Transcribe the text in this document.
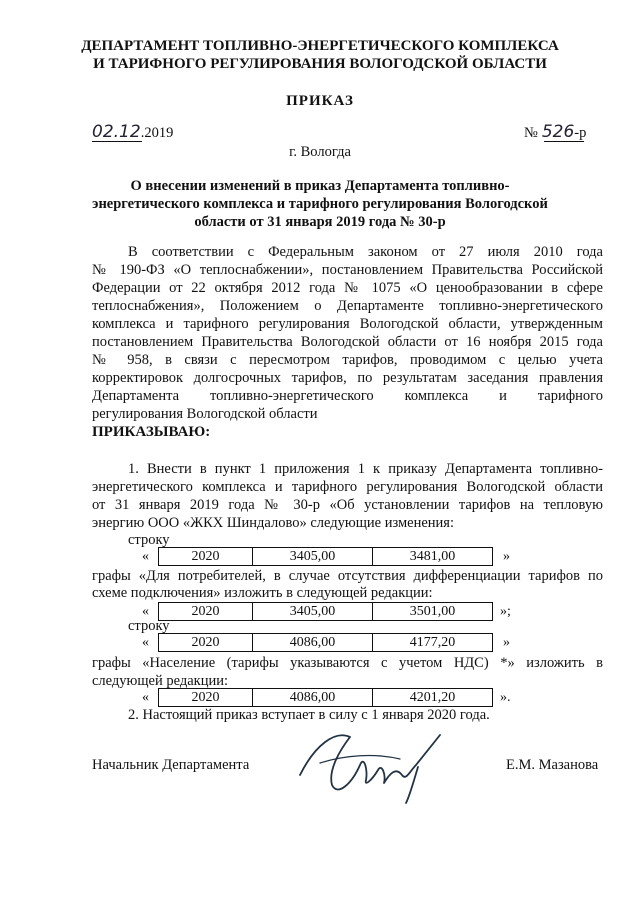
ДЕПАРТАМЕНТ ТОПЛИВНО-ЭНЕРГЕТИЧЕСКОГО КОМПЛЕКСА
И ТАРИФНОГО РЕГУЛИРОВАНИЯ ВОЛОГОДСКОЙ ОБЛАСТИ
ПРИКАЗ
02.12.2019	№ 526-р
г. Вологда
О внесении изменений в приказ Департамента топливно-
энергетического комплекса и тарифного регулирования Вологодской
области от 31 января 2019 года № 30-р
В соответствии с Федеральным законом от 27 июля 2010 года
№ 190-ФЗ «О теплоснабжении», постановлением Правительства Российской
Федерации от 22 октября 2012 года № 1075 «О ценообразовании в сфере
теплоснабжения», Положением о Департаменте топливно-энергетического
комплекса и тарифного регулирования Вологодской области, утвержденным
постановлением Правительства Вологодской области от 16 ноября 2015 года
№ 958, в связи с пересмотром тарифов, проводимом с целью учета
корректировок долгосрочных тарифов, по результатам заседания правления
Департамента топливно-энергетического комплекса и тарифного
регулирования Вологодской области
ПРИКАЗЫВАЮ:
1. Внести в пункт 1 приложения 1 к приказу Департамента топливно-
энергетического комплекса и тарифного регулирования Вологодской области
от 31 января 2019 года № 30-р «Об установлении тарифов на тепловую
энергию ООО «ЖКХ Шиндалово» следующие изменения:
строку
«	2020	3405,00	3481,00	»
графы «Для потребителей, в случае отсутствия дифференциации тарифов по
схеме подключения» изложить в следующей редакции:
«	2020	3405,00	3501,00	»;
строку
«	2020	4086,00	4177,20	»
графы «Население (тарифы указываются с учетом НДС) *» изложить в
следующей редакции:
«	2020	4086,00	4201,20	».
2. Настоящий приказ вступает в силу с 1 января 2020 года.
Начальник Департамента	Е.М. Мазанова
